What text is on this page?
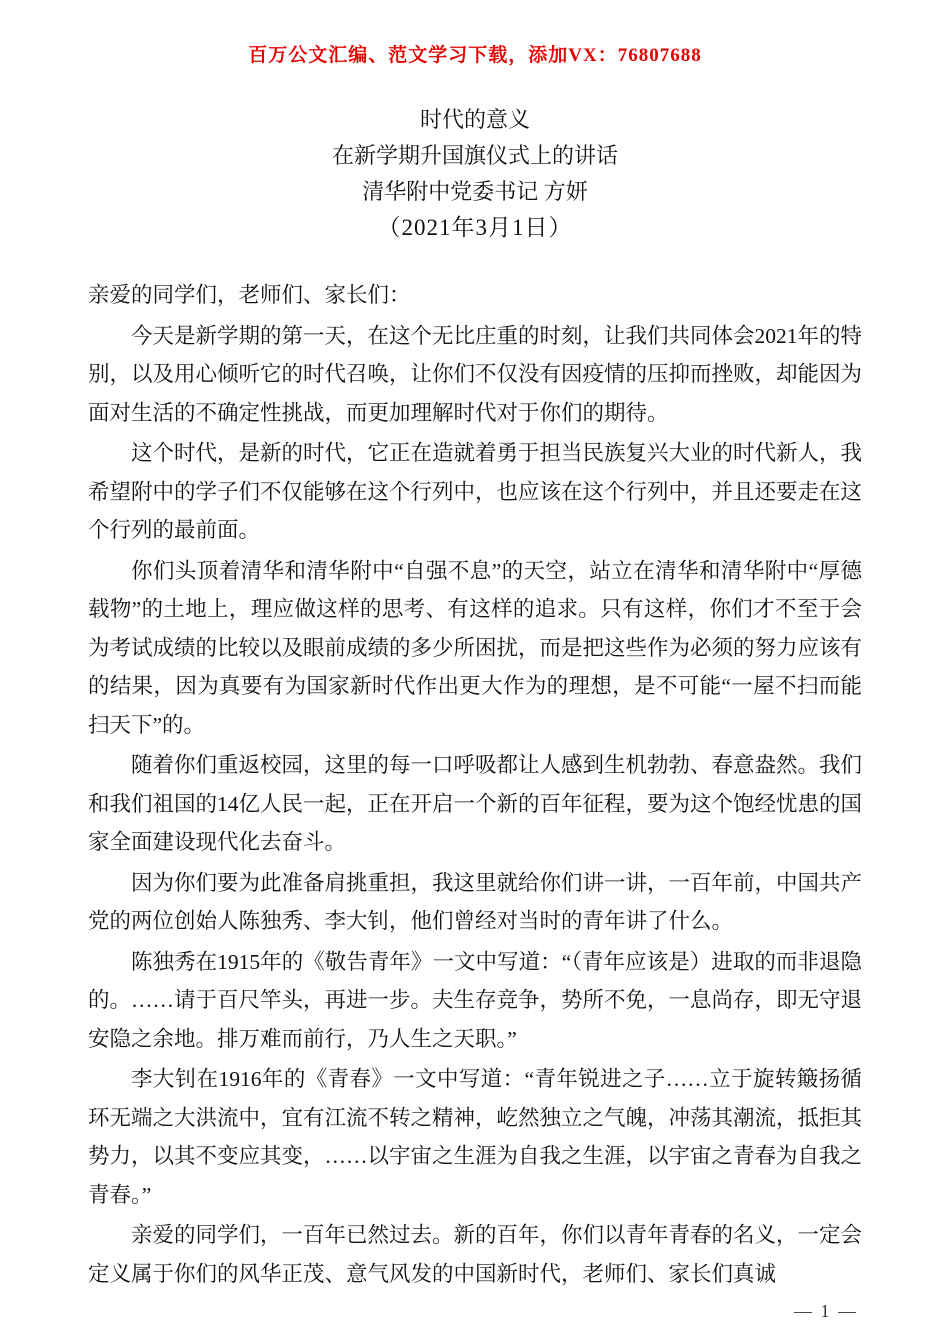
百万公文汇编、范文学习下载，添加VX：76807688
时代的意义
在新学期升国旗仪式上的讲话
清华附中党委书记 方妍
（2021年3月1日）

亲爱的同学们，老师们、家长们：

今天是新学期的第一天，在这个无比庄重的时刻，让我们共同体会2021年的特别，以及用心倾听它的时代召唤，让你们不仅没有因疫情的压抑而挫败，却能因为面对生活的不确定性挑战，而更加理解时代对于你们的期待。

这个时代，是新的时代，它正在造就着勇于担当民族复兴大业的时代新人，我希望附中的学子们不仅能够在这个行列中，也应该在这个行列中，并且还要走在这个行列的最前面。

你们头顶着清华和清华附中“自强不息”的天空，站立在清华和清华附中“厚德载物”的土地上，理应做这样的思考、有这样的追求。只有这样，你们才不至于会为考试成绩的比较以及眼前成绩的多少所困扰，而是把这些作为必须的努力应该有的结果，因为真要有为国家新时代作出更大作为的理想，是不可能“一屋不扫而能扫天下”的。

随着你们重返校园，这里的每一口呼吸都让人感到生机勃勃、春意盎然。我们和我们祖国的14亿人民一起，正在开启一个新的百年征程，要为这个饱经忧患的国家全面建设现代化去奋斗。

因为你们要为此准备肩挑重担，我这里就给你们讲一讲，一百年前，中国共产党的两位创始人陈独秀、李大钊，他们曾经对当时的青年讲了什么。

陈独秀在1915年的《敬告青年》一文中写道：“（青年应该是）进取的而非退隐的。……请于百尺竿头，再进一步。夫生存竞争，势所不免，一息尚存，即无守退安隐之余地。排万难而前行，乃人生之天职。”

李大钊在1916年的《青春》一文中写道：“青年锐进之子……立于旋转簸扬循环无端之大洪流中，宜有江流不转之精神，屹然独立之气魄，冲荡其潮流，抵拒其势力，以其不变应其变，……以宇宙之生涯为自我之生涯，以宇宙之青春为自我之青春。”

亲爱的同学们，一百年已然过去。新的百年，你们以青年青春的名义，一定会定义属于你们的风华正茂、意气风发的中国新时代，老师们、家长们真诚

— 1 —
